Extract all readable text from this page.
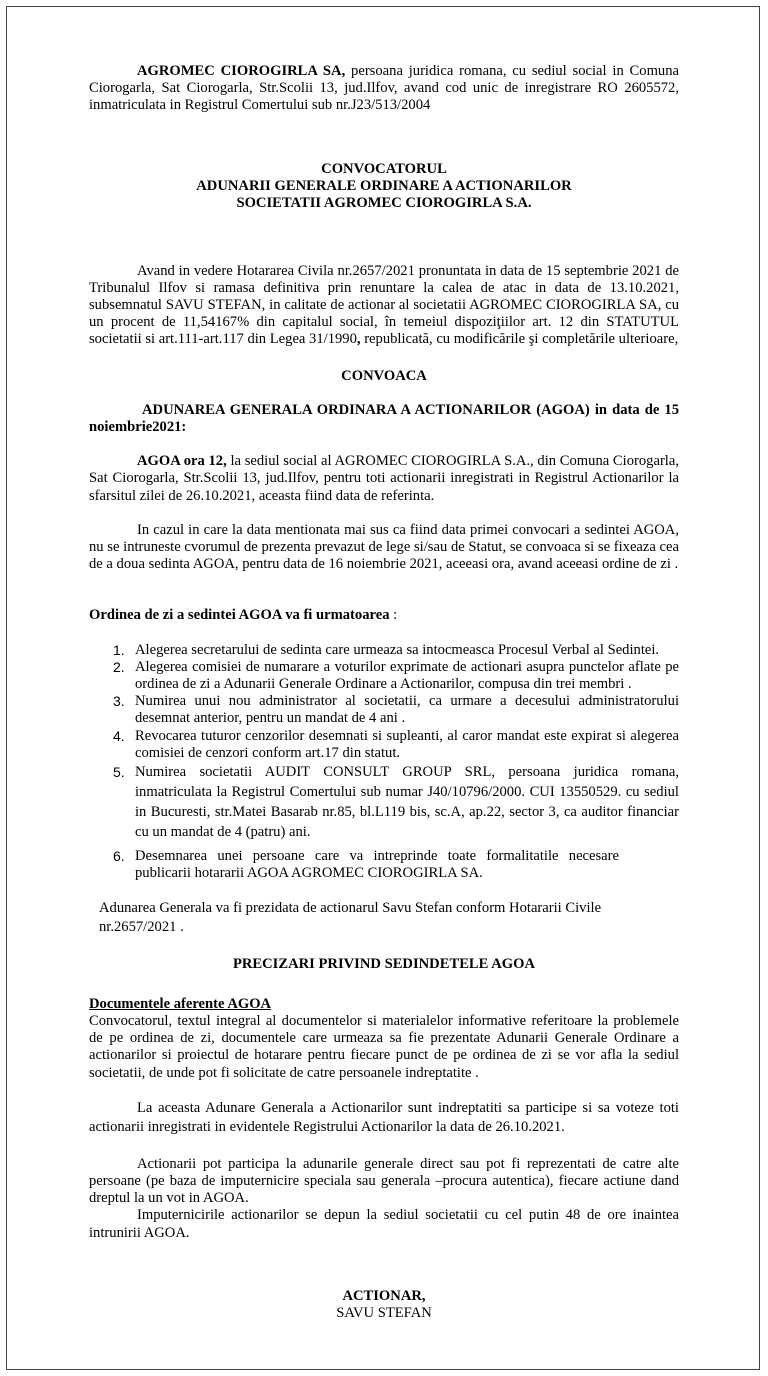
AGROMEC CIOROGIRLA SA, persoana juridica romana, cu sediul social in Comuna Ciorogarla, Sat Ciorogarla, Str.Scolii 13, jud.Ilfov, avand cod unic de inregistrare RO 2605572, inmatriculata in Registrul Comertului sub nr.J23/513/2004

CONVOCATORUL
ADUNARII GENERALE ORDINARE A ACTIONARILOR
SOCIETATII AGROMEC CIOROGIRLA S.A.

Avand in vedere Hotararea Civila nr.2657/2021 pronuntata in data de 15 septembrie 2021 de Tribunalul Ilfov si ramasa definitiva prin renuntare la calea de atac in data de 13.10.2021, subsemnatul SAVU STEFAN, in calitate de actionar al societatii AGROMEC CIOROGIRLA SA, cu un procent de 11,54167% din capitalul social, în temeiul dispoziţiilor art. 12 din STATUTUL societatii si art.111-art.117 din Legea 31/1990, republicată, cu modificările şi completările ulterioare,

CONVOACA

ADUNAREA GENERALA ORDINARA A ACTIONARILOR (AGOA) in data de 15 noiembrie2021:

AGOA ora 12, la sediul social al AGROMEC CIOROGIRLA S.A., din Comuna Ciorogarla, Sat Ciorogarla, Str.Scolii 13, jud.Ilfov, pentru toti actionarii inregistrati in Registrul Actionarilor la sfarsitul zilei de 26.10.2021, aceasta fiind data de referinta.

In cazul in care la data mentionata mai sus ca fiind data primei convocari a sedintei AGOA, nu se intruneste cvorumul de prezenta prevazut de lege si/sau de Statut, se convoaca si se fixeaza cea de a doua sedinta AGOA, pentru data de 16 noiembrie 2021, aceeasi ora, avand aceeasi ordine de zi .

Ordinea de zi a sedintei AGOA va fi urmatoarea :

1. Alegerea secretarului de sedinta care urmeaza sa intocmeasca Procesul Verbal al Sedintei.
2. Alegerea comisiei de numarare a voturilor exprimate de actionari asupra punctelor aflate pe ordinea de zi a Adunarii Generale Ordinare a Actionarilor, compusa din trei membri .
3. Numirea unui nou administrator al societatii, ca urmare a decesului administratorului desemnat anterior, pentru un mandat de 4 ani .
4. Revocarea tuturor cenzorilor desemnati si supleanti, al caror mandat este expirat si alegerea comisiei de cenzori conform art.17 din statut.
5. Numirea societatii AUDIT CONSULT GROUP SRL, persoana juridica romana, inmatriculata la Registrul Comertului sub numar J40/10796/2000. CUI 13550529. cu sediul in Bucuresti, str.Matei Basarab nr.85, bl.L119 bis, sc.A, ap.22, sector 3, ca auditor financiar cu un mandat de 4 (patru) ani.
6. Desemnarea unei persoane care va intreprinde toate formalitatile necesare publicarii hotararii AGOA AGROMEC CIOROGIRLA SA.

Adunarea Generala va fi prezidata de actionarul Savu Stefan conform Hotararii Civile nr.2657/2021 .

PRECIZARI PRIVIND SEDINDETELE AGOA

Documentele aferente AGOA

Convocatorul, textul integral al documentelor si materialelor informative referitoare la problemele de pe ordinea de zi, documentele care urmeaza sa fie prezentate Adunarii Generale Ordinare a actionarilor si proiectul de hotarare pentru fiecare punct de pe ordinea de zi se vor afla la sediul societatii, de unde pot fi solicitate de catre persoanele indreptatite .

La aceasta Adunare Generala a Actionarilor sunt indreptatiti sa participe si sa voteze toti actionarii inregistrati in evidentele Registrului Actionarilor la data de 26.10.2021.

Actionarii pot participa la adunarile generale direct sau pot fi reprezentati de catre alte persoane (pe baza de imputernicire speciala sau generala –procura autentica), fiecare actiune dand dreptul la un vot in AGOA.

Imputernicirile actionarilor se depun la sediul societatii cu cel putin 48 de ore inaintea intrunirii AGOA.

ACTIONAR,
SAVU STEFAN
